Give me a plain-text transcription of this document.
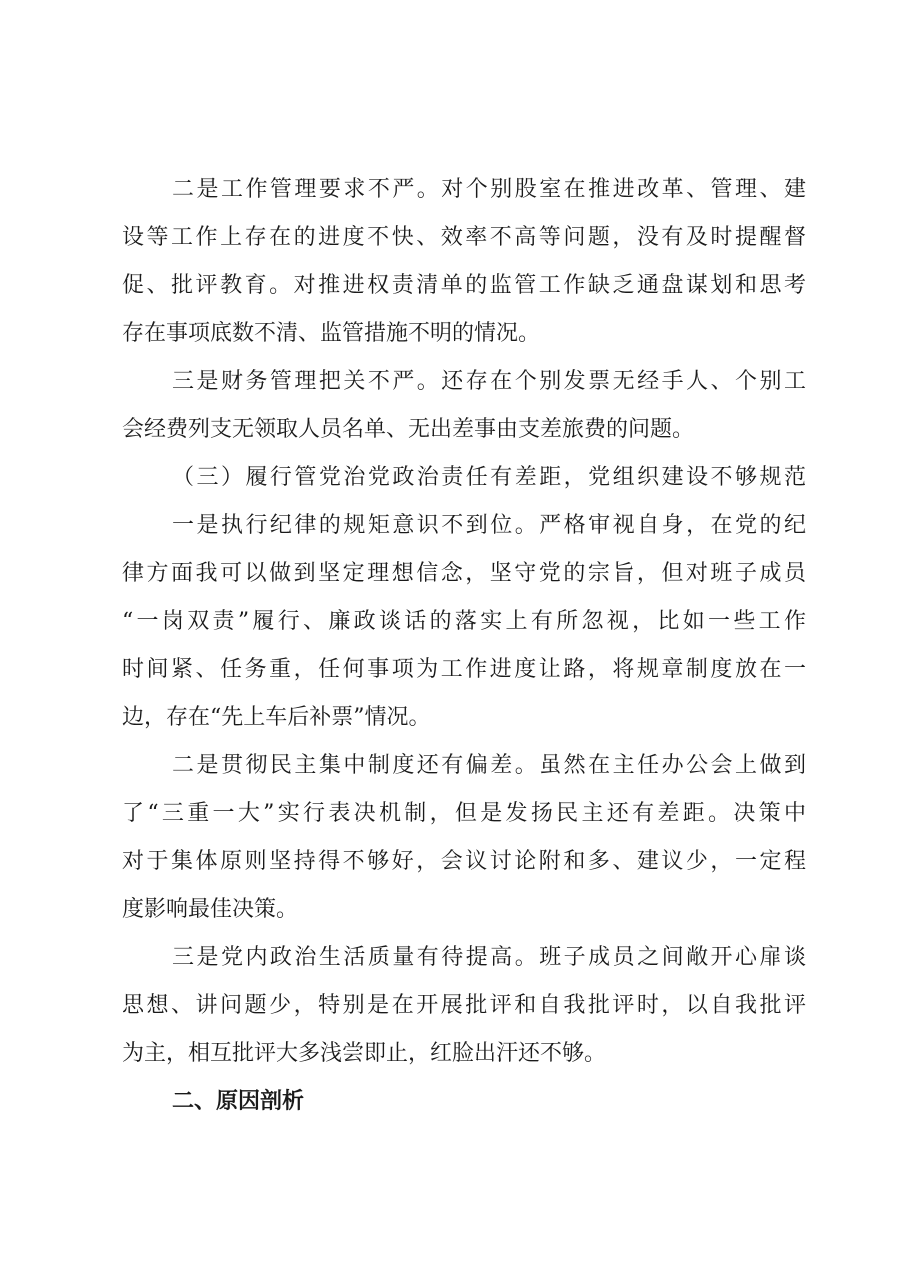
二是工作管理要求不严。对个别股室在推进改革、管理、建
设等工作上存在的进度不快、效率不高等问题，没有及时提醒督
促、批评教育。对推进权责清单的监管工作缺乏通盘谋划和思考
存在事项底数不清、监管措施不明的情况。
三是财务管理把关不严。还存在个别发票无经手人、个别工
会经费列支无领取人员名单、无出差事由支差旅费的问题。
（三）履行管党治党政治责任有差距，党组织建设不够规范
一是执行纪律的规矩意识不到位。严格审视自身，在党的纪
律方面我可以做到坚定理想信念，坚守党的宗旨，但对班子成员
“一岗双责”履行、廉政谈话的落实上有所忽视，比如一些工作
时间紧、任务重，任何事项为工作进度让路，将规章制度放在一
边，存在“先上车后补票”情况。
二是贯彻民主集中制度还有偏差。虽然在主任办公会上做到
了“三重一大”实行表决机制，但是发扬民主还有差距。决策中
对于集体原则坚持得不够好，会议讨论附和多、建议少，一定程
度影响最佳决策。
三是党内政治生活质量有待提高。班子成员之间敞开心扉谈
思想、讲问题少，特别是在开展批评和自我批评时，以自我批评
为主，相互批评大多浅尝即止，红脸出汗还不够。
二、原因剖析
